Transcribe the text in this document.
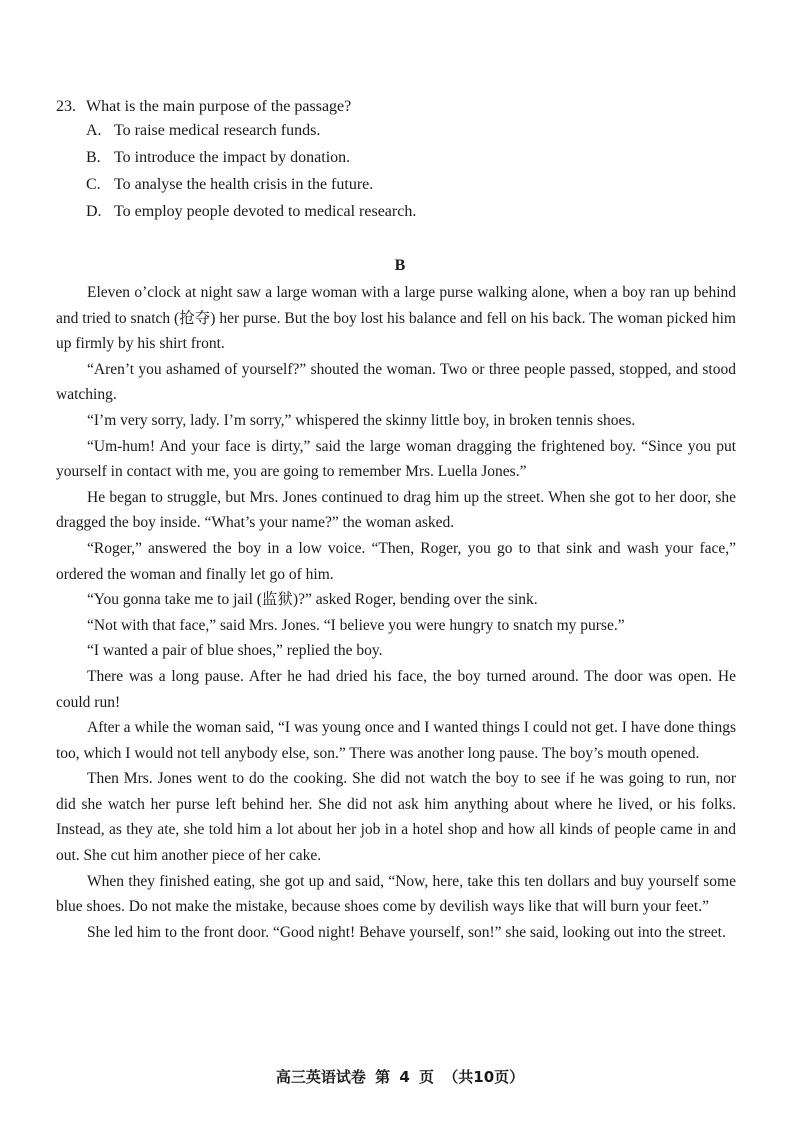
23. What is the main purpose of the passage?
A. To raise medical research funds.
B. To introduce the impact by donation.
C. To analyse the health crisis in the future.
D. To employ people devoted to medical research.
B

Eleven o’clock at night saw a large woman with a large purse walking alone, when a boy ran up behind and tried to snatch (抢夺) her purse. But the boy lost his balance and fell on his back. The woman picked him up firmly by his shirt front.

“Aren’t you ashamed of yourself?” shouted the woman. Two or three people passed, stopped, and stood watching.

“I’m very sorry, lady. I’m sorry,” whispered the skinny little boy, in broken tennis shoes.

“Um-hum! And your face is dirty,” said the large woman dragging the frightened boy. “Since you put yourself in contact with me, you are going to remember Mrs. Luella Jones.”

He began to struggle, but Mrs. Jones continued to drag him up the street. When she got to her door, she dragged the boy inside. “What’s your name?” the woman asked.

“Roger,” answered the boy in a low voice. “Then, Roger, you go to that sink and wash your face,” ordered the woman and finally let go of him.

“You gonna take me to jail (监狱)?” asked Roger, bending over the sink.

“Not with that face,” said Mrs. Jones. “I believe you were hungry to snatch my purse.”

“I wanted a pair of blue shoes,” replied the boy.

There was a long pause. After he had dried his face, the boy turned around. The door was open. He could run!

After a while the woman said, “I was young once and I wanted things I could not get. I have done things too, which I would not tell anybody else, son.” There was another long pause. The boy’s mouth opened.

Then Mrs. Jones went to do the cooking. She did not watch the boy to see if he was going to run, nor did she watch her purse left behind her. She did not ask him anything about where he lived, or his folks. Instead, as they ate, she told him a lot about her job in a hotel shop and how all kinds of people came in and out. She cut him another piece of her cake.

When they finished eating, she got up and said, “Now, here, take this ten dollars and buy yourself some blue shoes. Do not make the mistake, because shoes come by devilish ways like that will burn your feet.”

She led him to the front door. “Good night! Behave yourself, son!” she said, looking out into the street.

高三英语试卷 第 4 页 （共10页）
